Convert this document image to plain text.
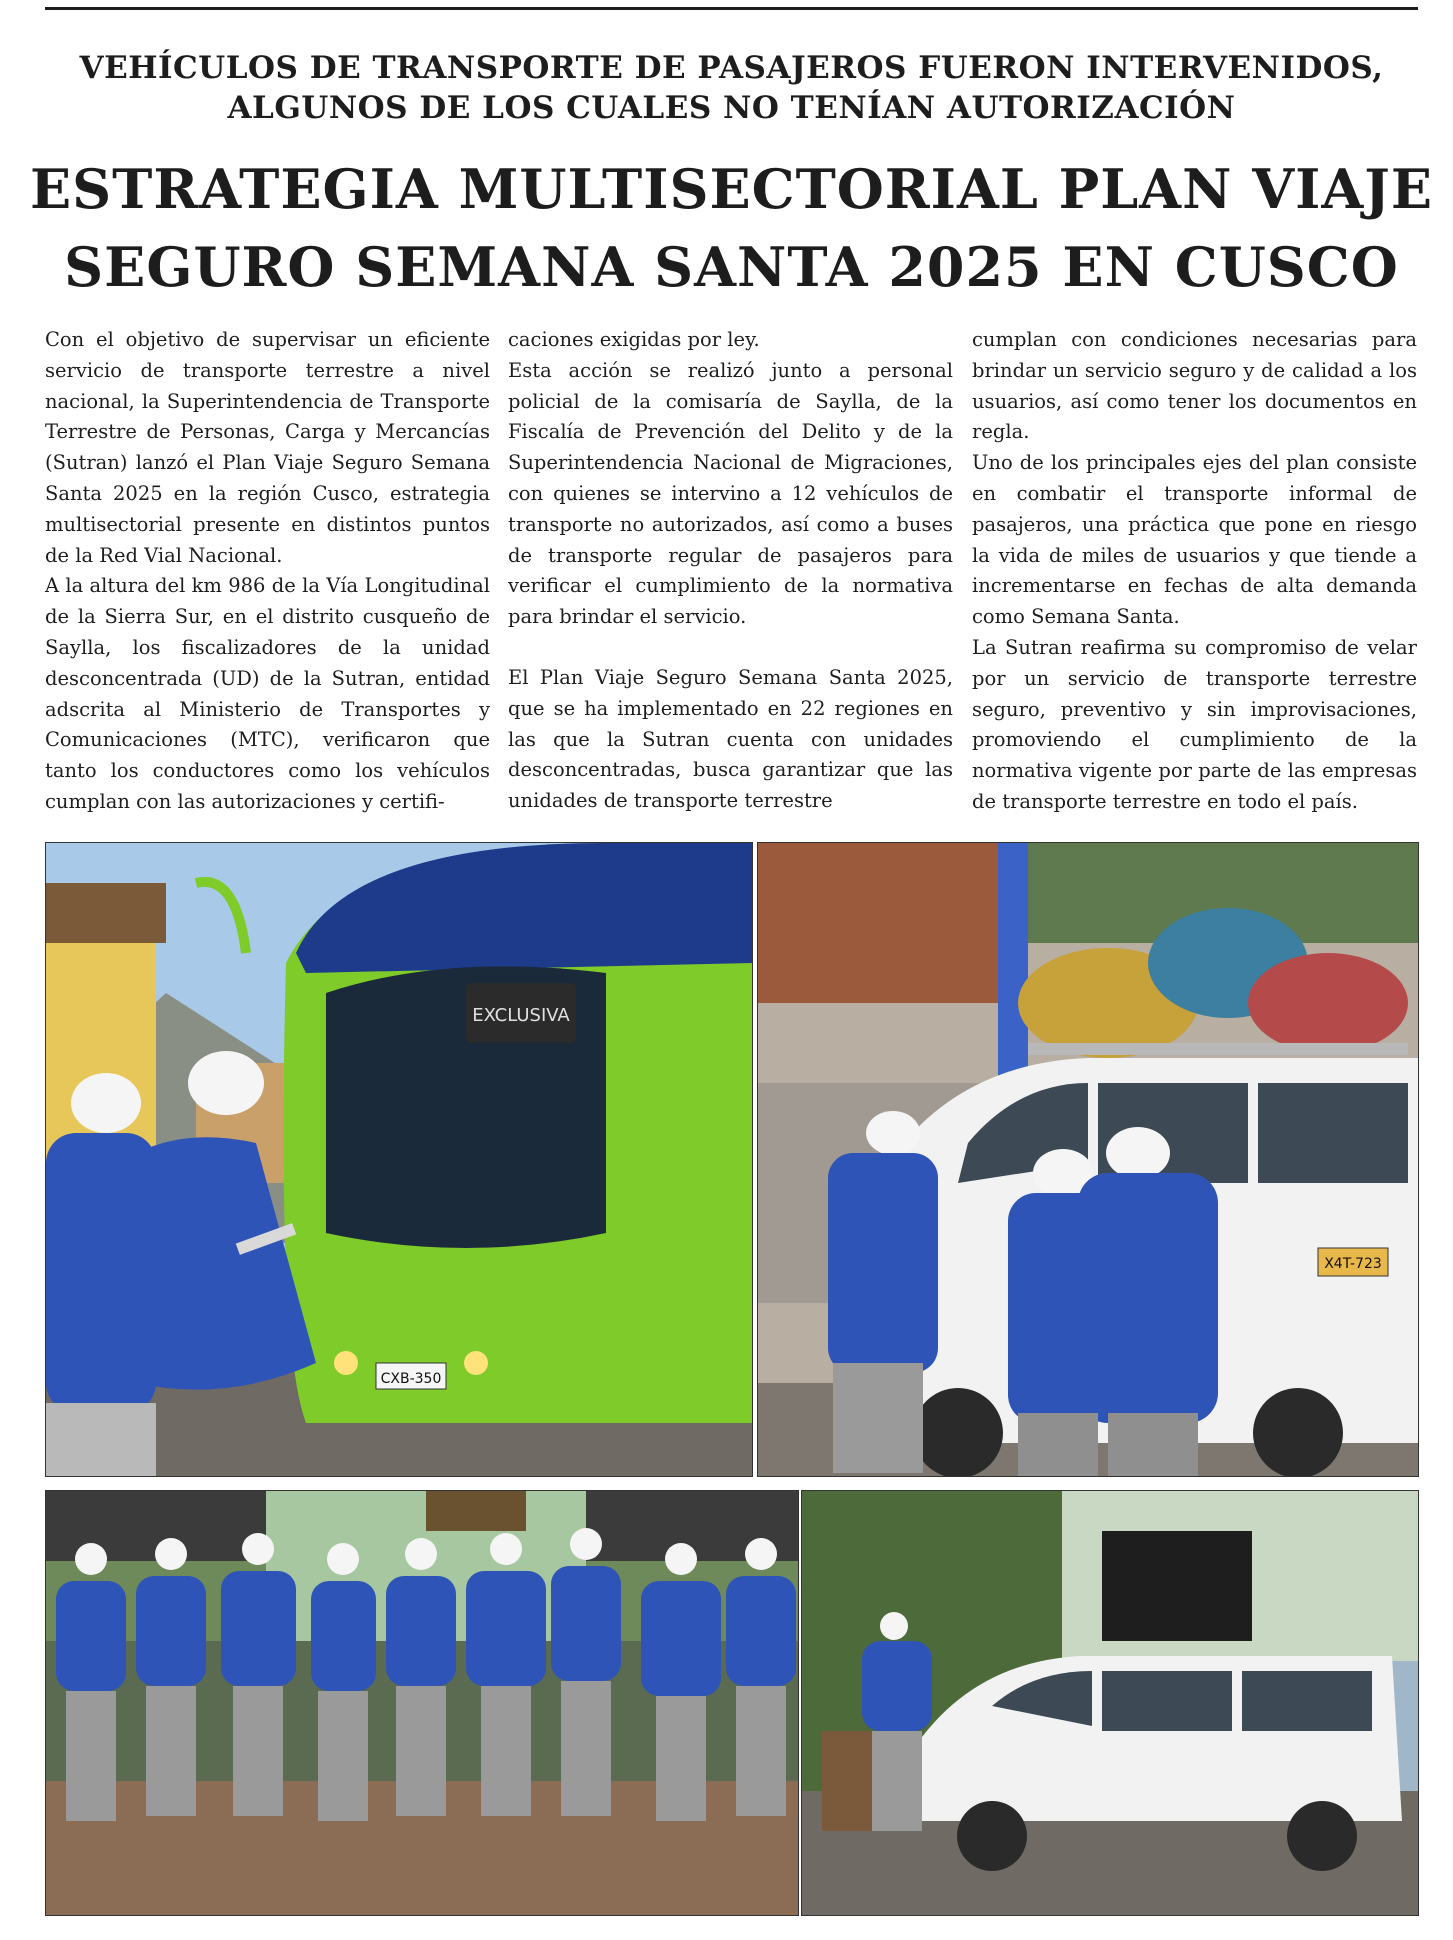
VEHÍCULOS DE TRANSPORTE DE PASAJEROS FUERON INTERVENIDOS,
ALGUNOS DE LOS CUALES NO TENÍAN AUTORIZACIÓN
ESTRATEGIA MULTISECTORIAL PLAN VIAJE
SEGURO SEMANA SANTA 2025 EN CUSCO

Con el objetivo de supervisar un eficiente servicio de transporte terrestre a nivel nacional, la Superintendencia de Transporte Terrestre de Personas, Carga y Mercancías (Sutran) lanzó el Plan Viaje Seguro Semana Santa 2025 en la región Cusco, estrategia multisectorial presente en distintos puntos de la Red Vial Nacional.

A la altura del km 986 de la Vía Longitudinal de la Sierra Sur, en el distrito cusqueño de Saylla, los fiscalizadores de la unidad desconcentrada (UD) de la Sutran, entidad adscrita al Ministerio de Transportes y Comunicaciones (MTC), verificaron que tanto los conductores como los vehículos cumplan con las autorizaciones y certifi-

caciones exigidas por ley.

Esta acción se realizó junto a personal policial de la comisaría de Saylla, de la Fiscalía de Prevención del Delito y de la Superintendencia Nacional de Migraciones, con quienes se intervino a 12 vehículos de transporte no autorizados, así como a buses de transporte regular de pasajeros para verificar el cumplimiento de la normativa para brindar el servicio.

El Plan Viaje Seguro Semana Santa 2025, que se ha implementado en 22 regiones en las que la Sutran cuenta con unidades desconcentradas, busca garantizar que las unidades de transporte terrestre

cumplan con condiciones necesarias para brindar un servicio seguro y de calidad a los usuarios, así como tener los documentos en regla.

Uno de los principales ejes del plan consiste en combatir el transporte informal de pasajeros, una práctica que pone en riesgo la vida de miles de usuarios y que tiende a incrementarse en fechas de alta demanda como Semana Santa.

La Sutran reafirma su compromiso de velar por un servicio de transporte terrestre seguro, preventivo y sin improvisaciones, promoviendo el cumplimiento de la normativa vigente por parte de las empresas de transporte terrestre en todo el país.

EXCLUSIVA
CXB-350
X4T-723
